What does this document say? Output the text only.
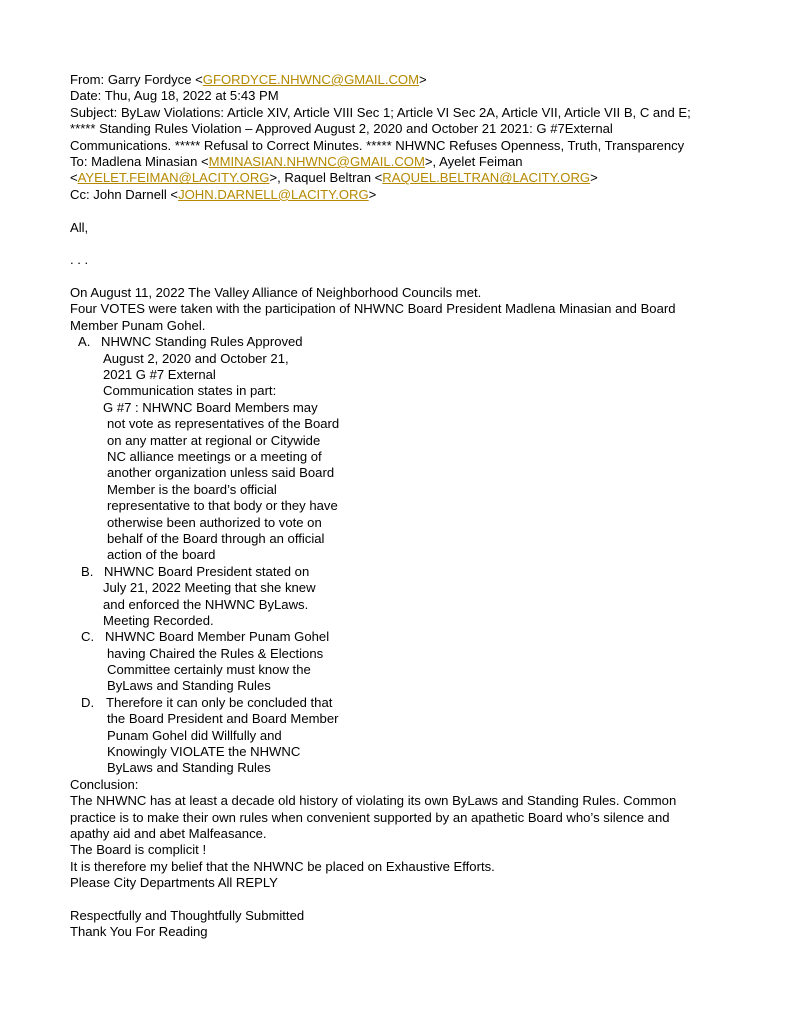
From: Garry Fordyce <GFORDYCE.NHWNC@GMAIL.COM>
Date: Thu, Aug 18, 2022 at 5:43 PM
Subject: ByLaw Violations: Article XIV, Article VIII Sec 1; Article VI Sec 2A, Article VII, Article VII B, C and E;
***** Standing Rules Violation – Approved August 2, 2020 and October 21 2021: G #7External
Communications. ***** Refusal to Correct Minutes. ***** NHWNC Refuses Openness, Truth, Transparency
To: Madlena Minasian <MMINASIAN.NHWNC@GMAIL.COM>, Ayelet Feiman
<AYELET.FEIMAN@LACITY.ORG>, Raquel Beltran <RAQUEL.BELTRAN@LACITY.ORG>
Cc: John Darnell <JOHN.DARNELL@LACITY.ORG>
All,
. . .
On August 11, 2022 The Valley Alliance of Neighborhood Councils met.
Four VOTES were taken with the participation of NHWNC Board President Madlena Minasian and Board
Member Punam Gohel.
A. NHWNC Standing Rules Approved
August 2, 2020 and October 21,
2021 G #7 External
Communication states in part:
G #7 : NHWNC Board Members may
not vote as representatives of the Board
on any matter at regional or Citywide
NC alliance meetings or a meeting of
another organization unless said Board
Member is the board’s official
representative to that body or they have
otherwise been authorized to vote on
behalf of the Board through an official
action of the board
B. NHWNC Board President stated on
July 21, 2022 Meeting that she knew
and enforced the NHWNC ByLaws.
Meeting Recorded.
C. NHWNC Board Member Punam Gohel
having Chaired the Rules & Elections
Committee certainly must know the
ByLaws and Standing Rules
D. Therefore it can only be concluded that
the Board President and Board Member
Punam Gohel did Willfully and
Knowingly VIOLATE the NHWNC
ByLaws and Standing Rules
Conclusion:
The NHWNC has at least a decade old history of violating its own ByLaws and Standing Rules. Common
practice is to make their own rules when convenient supported by an apathetic Board who’s silence and
apathy aid and abet Malfeasance.
The Board is complicit !
It is therefore my belief that the NHWNC be placed on Exhaustive Efforts.
Please City Departments All REPLY
Respectfully and Thoughtfully Submitted
Thank You For Reading
